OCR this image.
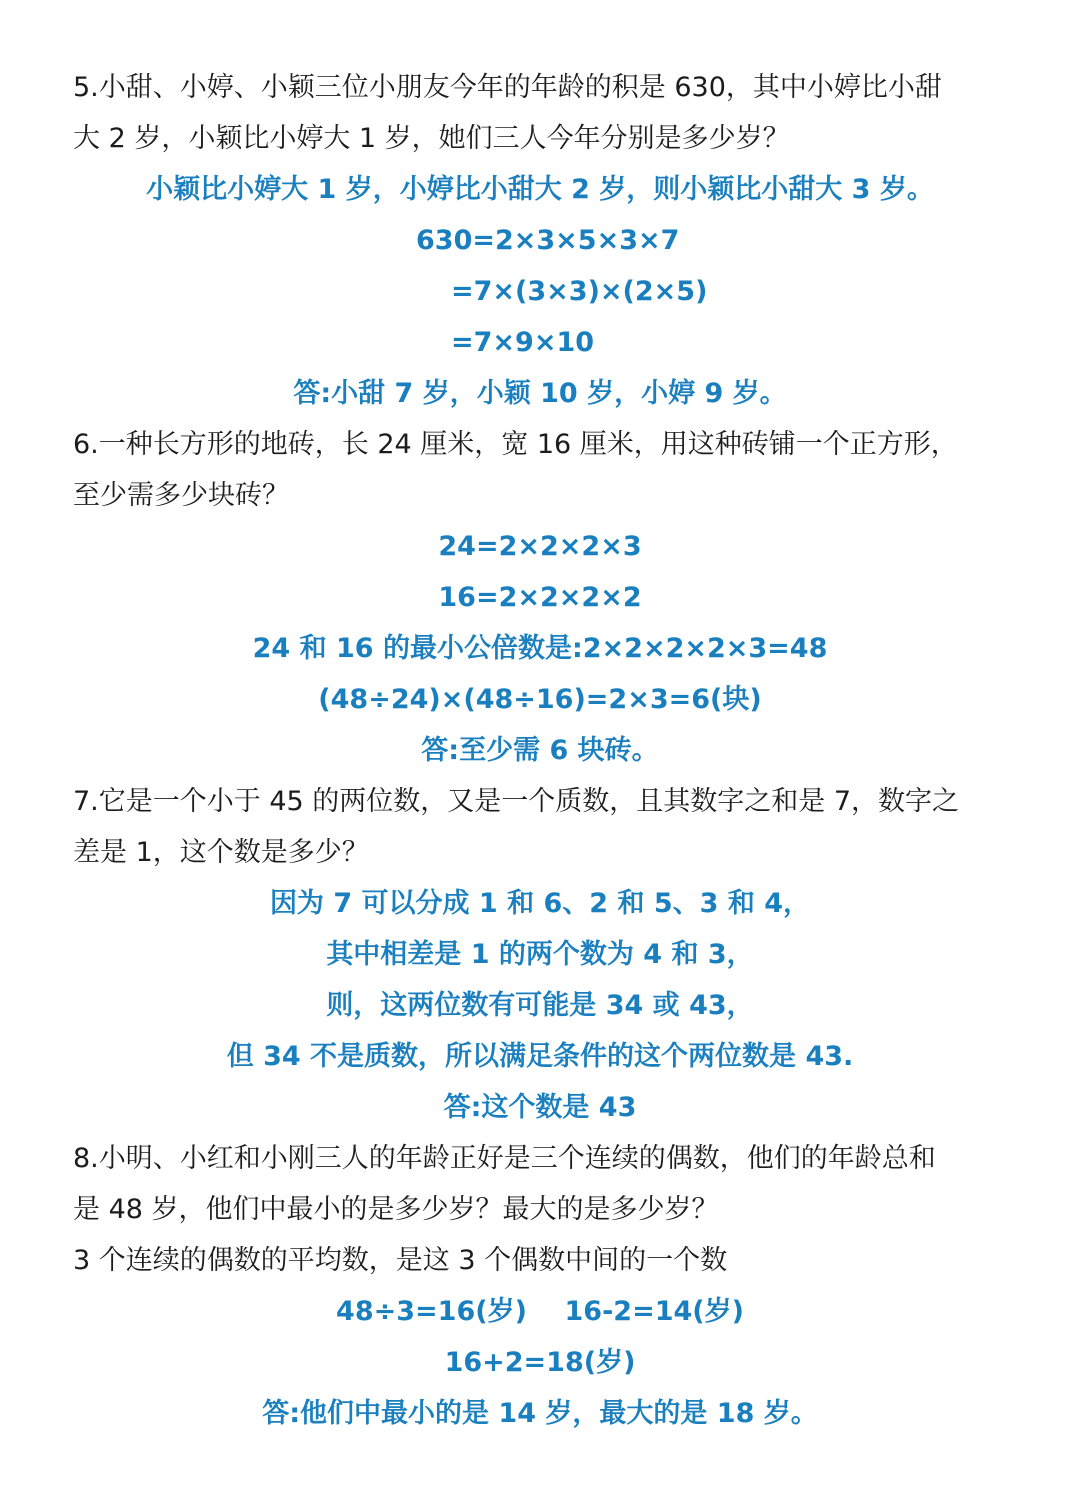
5.小甜、小婷、小颖三位小朋友今年的年龄的积是 630，其中小婷比小甜
大 2 岁，小颖比小婷大 1 岁，她们三人今年分别是多少岁？
小颖比小婷大 1 岁，小婷比小甜大 2 岁，则小颖比小甜大 3 岁。
630=2×3×5×3×7
=7×(3×3)×(2×5)
=7×9×10
答:小甜 7 岁，小颖 10 岁，小婷 9 岁。
6.一种长方形的地砖，长 24 厘米，宽 16 厘米，用这种砖铺一个正方形，
至少需多少块砖？
24=2×2×2×3
16=2×2×2×2
24 和 16 的最小公倍数是:2×2×2×2×3=48
(48÷24)×(48÷16)=2×3=6(块)
答:至少需 6 块砖。
7.它是一个小于 45 的两位数，又是一个质数，且其数字之和是 7，数字之
差是 1，这个数是多少？
因为 7 可以分成 1 和 6、2 和 5、3 和 4，
其中相差是 1 的两个数为 4 和 3，
则，这两位数有可能是 34 或 43，
但 34 不是质数，所以满足条件的这个两位数是 43.
答:这个数是 43
8.小明、小红和小刚三人的年龄正好是三个连续的偶数，他们的年龄总和
是 48 岁，他们中最小的是多少岁？最大的是多少岁？
3 个连续的偶数的平均数，是这 3 个偶数中间的一个数
48÷3=16(岁)    16-2=14(岁)
16+2=18(岁)
答:他们中最小的是 14 岁，最大的是 18 岁。
